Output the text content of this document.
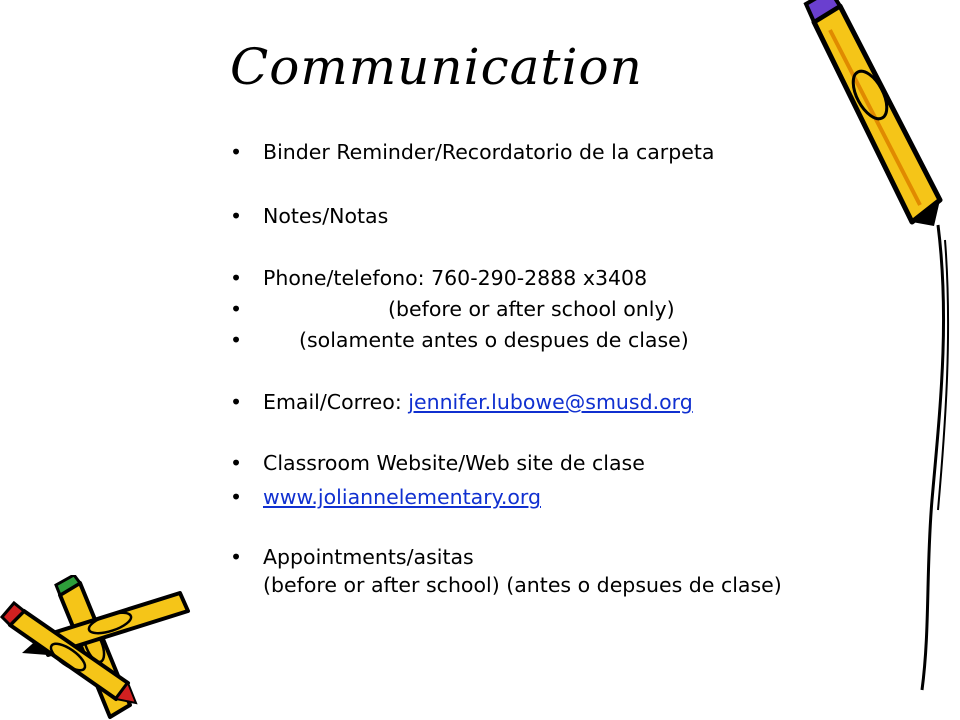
Communication
• Binder Reminder/Recordatorio de la carpeta
• Notes/Notas
• Phone/telefono: 760-290-2888 x3408
• (before or after school only)
• (solamente antes o despues de clase)
• Email/Correo: jennifer.lubowe@smusd.org
• Classroom Website/Web site de clase
• www.joliannelementary.org
• Appointments/asitas
(before or after school) (antes o depsues de clase)
